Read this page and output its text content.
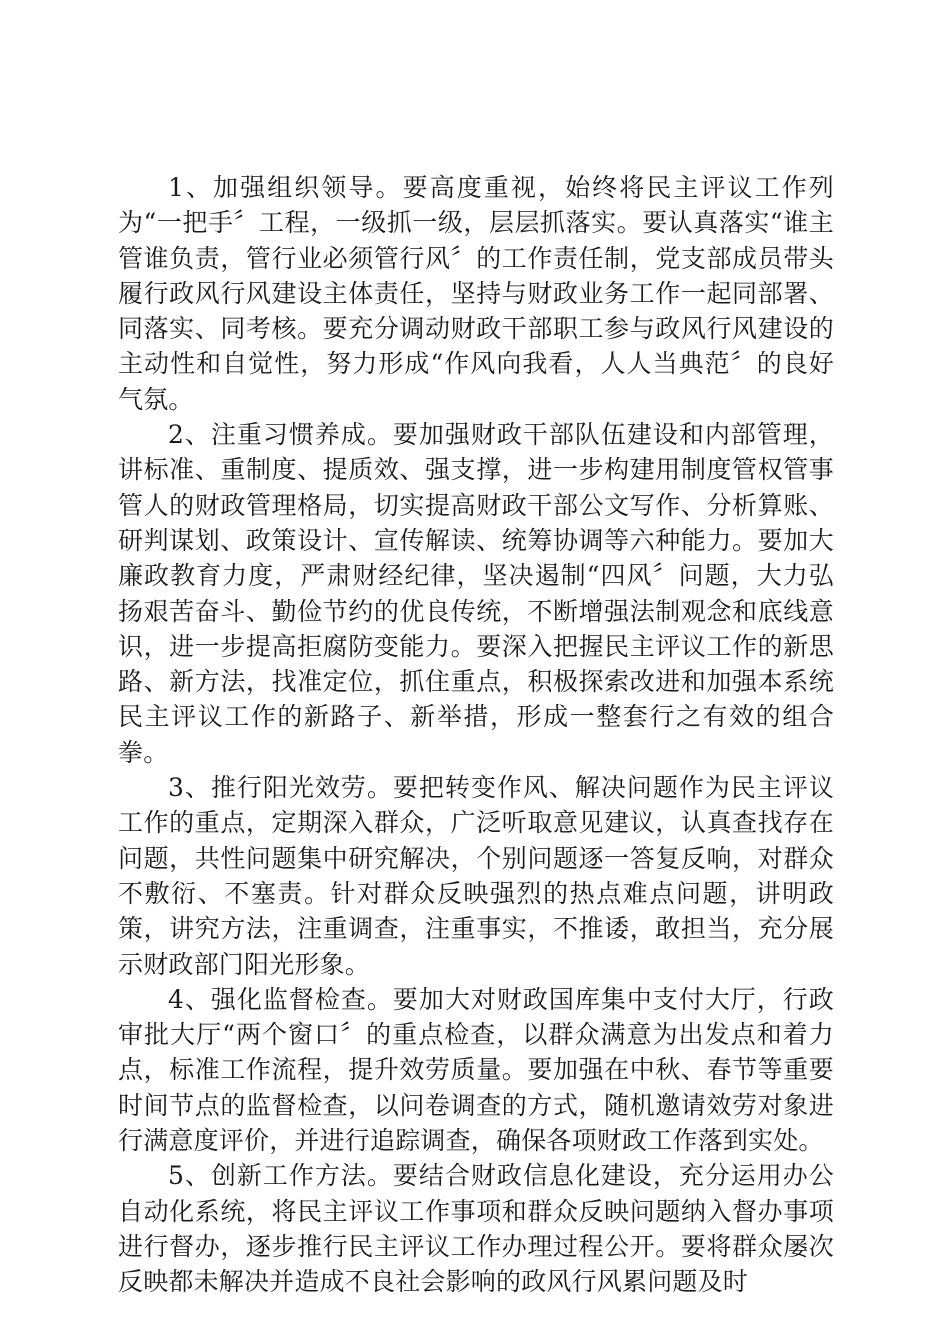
1、加强组织领导。要高度重视，始终将民主评议工作列为“一把手〞工程，一级抓一级，层层抓落实。要认真落实“谁主管谁负责，管行业必须管行风〞的工作责任制，党支部成员带头履行政风行风建设主体责任，坚持与财政业务工作一起同部署、同落实、同考核。要充分调动财政干部职工参与政风行风建设的主动性和自觉性，努力形成“作风向我看，人人当典范〞的良好气氛。

2、注重习惯养成。要加强财政干部队伍建设和内部管理，讲标准、重制度、提质效、强支撑，进一步构建用制度管权管事管人的财政管理格局，切实提高财政干部公文写作、分析算账、研判谋划、政策设计、宣传解读、统筹协调等六种能力。要加大廉政教育力度，严肃财经纪律，坚决遏制“四风〞问题，大力弘扬艰苦奋斗、勤俭节约的优良传统，不断增强法制观念和底线意识，进一步提高拒腐防变能力。要深入把握民主评议工作的新思路、新方法，找准定位，抓住重点，积极探索改进和加强本系统民主评议工作的新路子、新举措，形成一整套行之有效的组合拳。

3、推行阳光效劳。要把转变作风、解决问题作为民主评议工作的重点，定期深入群众，广泛听取意见建议，认真查找存在问题，共性问题集中研究解决，个别问题逐一答复反响，对群众不敷衍、不塞责。针对群众反映强烈的热点难点问题，讲明政策，讲究方法，注重调查，注重事实，不推诿，敢担当，充分展示财政部门阳光形象。

4、强化监督检查。要加大对财政国库集中支付大厅，行政审批大厅“两个窗口〞的重点检查，以群众满意为出发点和着力点，标准工作流程，提升效劳质量。要加强在中秋、春节等重要时间节点的监督检查，以问卷调查的方式，随机邀请效劳对象进行满意度评价，并进行追踪调查，确保各项财政工作落到实处。

5、创新工作方法。要结合财政信息化建设，充分运用办公自动化系统，将民主评议工作事项和群众反映问题纳入督办事项进行督办，逐步推行民主评议工作办理过程公开。要将群众屡次反映都未解决并造成不良社会影响的政风行风累问题及时
